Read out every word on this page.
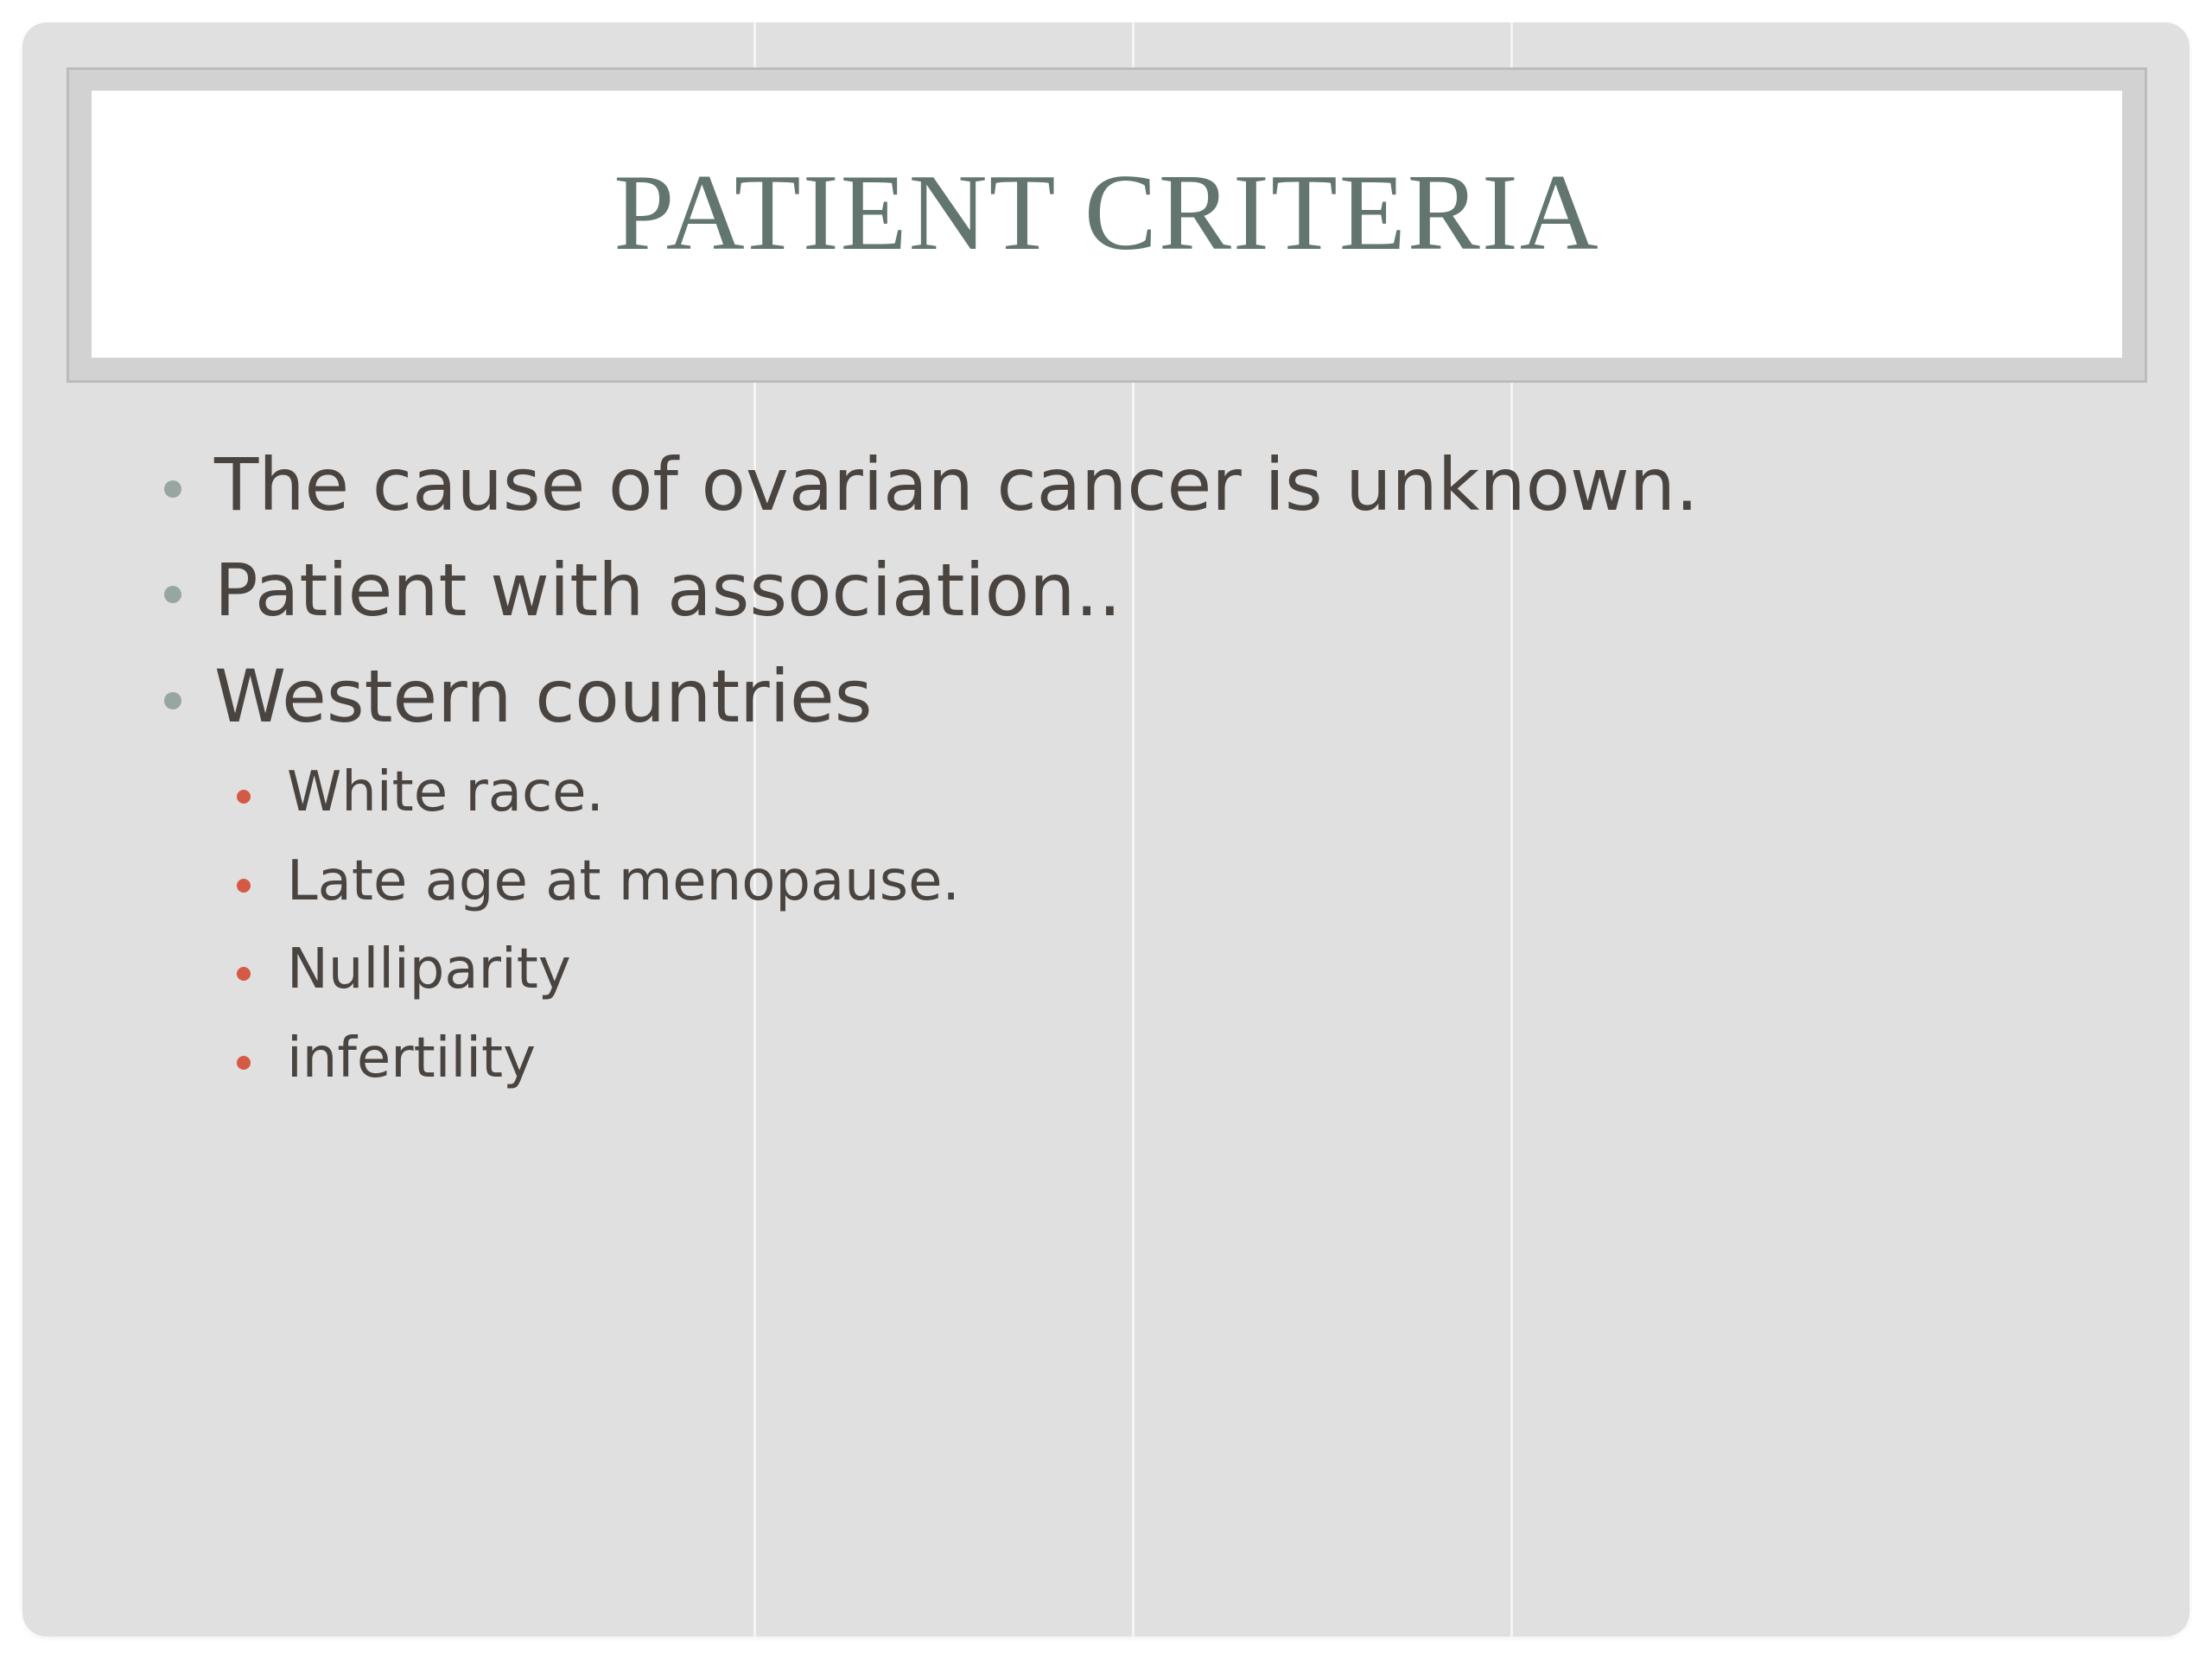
PATIENT CRITERIA
The cause of ovarian cancer is unknown.
Patient with association..
Western countries
White race.
Late age at menopause.
Nulliparity
infertility
